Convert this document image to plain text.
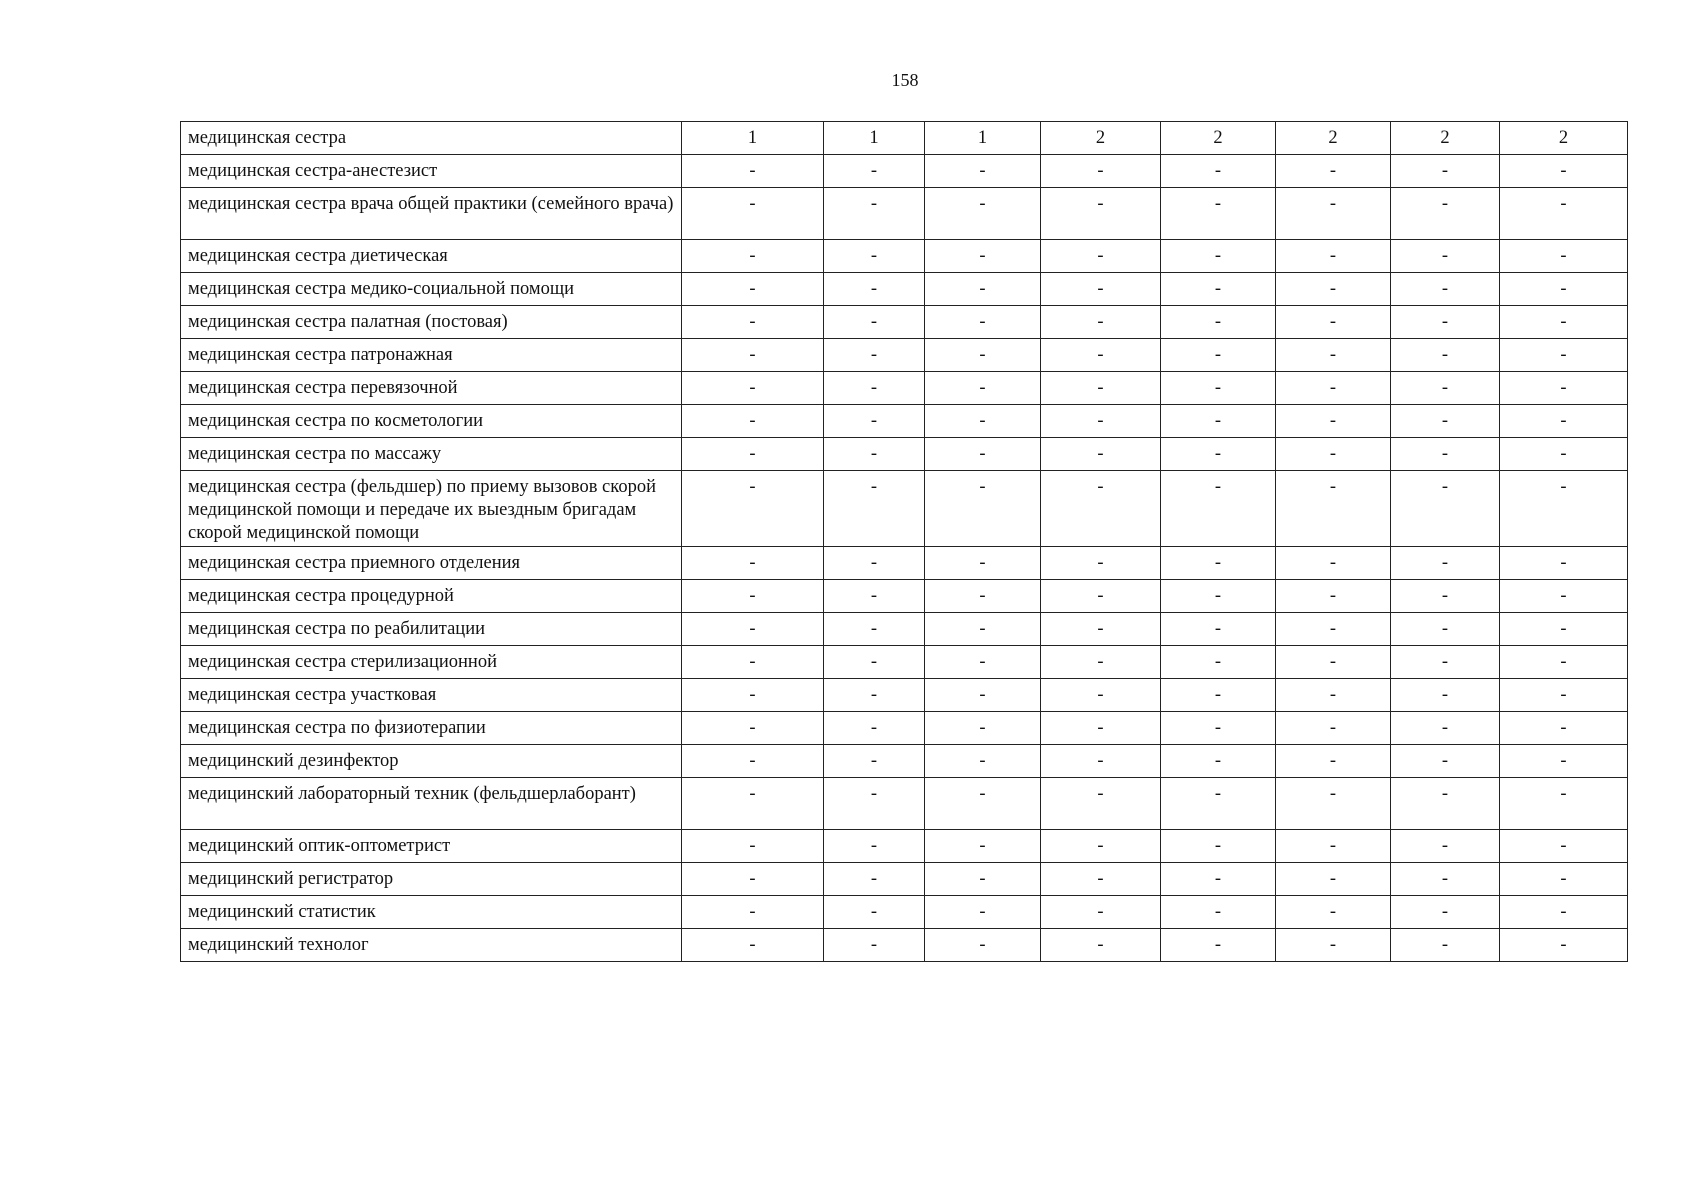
158
медицинская сестра	1	1	1	2	2	2	2	2
медицинская сестра-анестезист	-	-	-	-	-	-	-	-
медицинская сестра врача общей практики (семейного врача)	-	-	-	-	-	-	-	-
медицинская сестра диетическая	-	-	-	-	-	-	-	-
медицинская сестра медико-социальной помощи	-	-	-	-	-	-	-	-
медицинская сестра палатная (постовая)	-	-	-	-	-	-	-	-
медицинская сестра патронажная	-	-	-	-	-	-	-	-
медицинская сестра перевязочной	-	-	-	-	-	-	-	-
медицинская сестра по косметологии	-	-	-	-	-	-	-	-
медицинская сестра по массажу	-	-	-	-	-	-	-	-
медицинская сестра (фельдшер) по приему вызовов скорой медицинской помощи и передаче их выездным бригадам скорой медицинской помощи	-	-	-	-	-	-	-	-
медицинская сестра приемного отделения	-	-	-	-	-	-	-	-
медицинская сестра процедурной	-	-	-	-	-	-	-	-
медицинская сестра по реабилитации	-	-	-	-	-	-	-	-
медицинская сестра стерилизационной	-	-	-	-	-	-	-	-
медицинская сестра участковая	-	-	-	-	-	-	-	-
медицинская сестра по физиотерапии	-	-	-	-	-	-	-	-
медицинский дезинфектор	-	-	-	-	-	-	-	-
медицинский лабораторный техник (фельдшерлаборант)	-	-	-	-	-	-	-	-
медицинский оптик-оптометрист	-	-	-	-	-	-	-	-
медицинский регистратор	-	-	-	-	-	-	-	-
медицинский статистик	-	-	-	-	-	-	-	-
медицинский технолог	-	-	-	-	-	-	-	-
